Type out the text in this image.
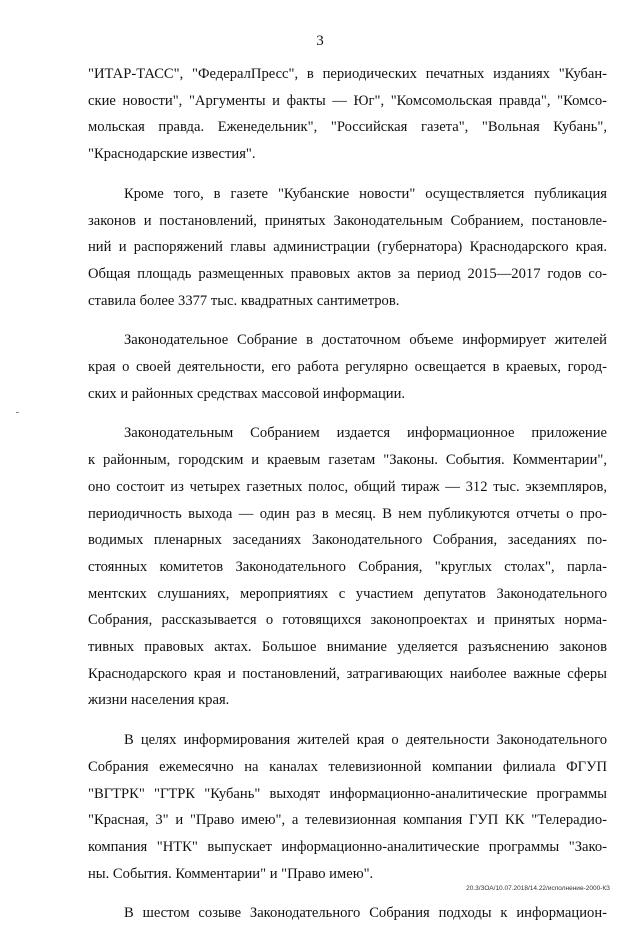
3

"ИТАР-ТАСС", "ФедералПресс", в периодических печатных изданиях "Кубан-
ские новости", "Аргументы и факты — Юг", "Комсомольская правда", "Комсо-
мольская правда. Еженедельник", "Российская газета", "Вольная Кубань",
"Краснодарские известия".

Кроме того, в газете "Кубанские новости" осуществляется публикация
законов и постановлений, принятых Законодательным Собранием, постановле-
ний и распоряжений главы администрации (губернатора) Краснодарского края.
Общая площадь размещенных правовых актов за период 2015—2017 годов со-
ставила более 3377 тыс. квадратных сантиметров.

Законодательное Собрание в достаточном объеме информирует жителей
края о своей деятельности, его работа регулярно освещается в краевых, город-
ских и районных средствах массовой информации.

Законодательным Собранием издается информационное приложение
к районным, городским и краевым газетам "Законы. События. Комментарии",
оно состоит из четырех газетных полос, общий тираж — 312 тыс. экземпляров,
периодичность выхода — один раз в месяц. В нем публикуются отчеты о про-
водимых пленарных заседаниях Законодательного Собрания, заседаниях по-
стоянных комитетов Законодательного Собрания, "круглых столах", парла-
ментских слушаниях, мероприятиях с участием депутатов Законодательного
Собрания, рассказывается о готовящихся законопроектах и принятых норма-
тивных правовых актах. Большое внимание уделяется разъяснению законов
Краснодарского края и постановлений, затрагивающих наиболее важные сферы
жизни населения края.

В целях информирования жителей края о деятельности Законодательного
Собрания ежемесячно на каналах телевизионной компании филиала ФГУП
"ВГТРК" "ГТРК "Кубань" выходят информационно-аналитические программы
"Красная, 3" и "Право имею", а телевизионная компания ГУП КК "Телерадио-
компания "НТК" выпускает информационно-аналитические программы "Зако-
ны. События. Комментарии" и "Право имею".

В шестом созыве Законодательного Собрания подходы к информацион-

20.3/ЗОА/10.07.2018/14.22/исполнение-2000-КЗ
